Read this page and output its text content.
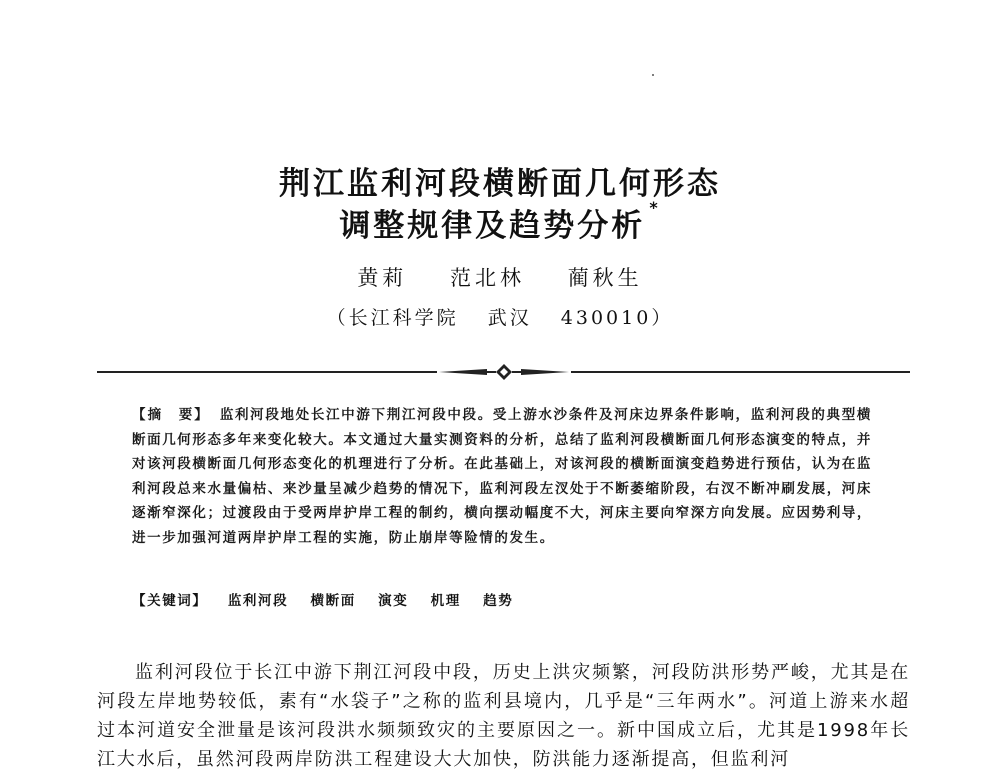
荆江监利河段横断面几何形态
调整规律及趋势分析*
黄莉 范北林 蔺秋生
（长江科学院 武汉 430010）
【摘　要】 监利河段地处长江中游下荆江河段中段。受上游水沙条件及河床边界条件影响，监利河段的典型横断面几何形态多年来变化较大。本文通过大量实测资料的分析，总结了监利河段横断面几何形态演变的特点，并对该河段横断面几何形态变化的机理进行了分析。在此基础上，对该河段的横断面演变趋势进行预估，认为在监利河段总来水量偏枯、来沙量呈减少趋势的情况下，监利河段左汊处于不断萎缩阶段，右汊不断冲刷发展，河床逐渐窄深化；过渡段由于受两岸护岸工程的制约，横向摆动幅度不大，河床主要向窄深方向发展。应因势利导，进一步加强河道两岸护岸工程的实施，防止崩岸等险情的发生。
【关键词】 监利河段 横断面 演变 机理 趋势

监利河段位于长江中游下荆江河段中段，历史上洪灾频繁，河段防洪形势严峻，尤其是在河段左岸地势较低，素有“水袋子”之称的监利县境内，几乎是“三年两水”。河道上游来水超过本河道安全泄量是该河段洪水频频致灾的主要原因之一。新中国成立后，尤其是1998年长江大水后，虽然河段两岸防洪工程建设大大加快，防洪能力逐渐提高，但监利河
